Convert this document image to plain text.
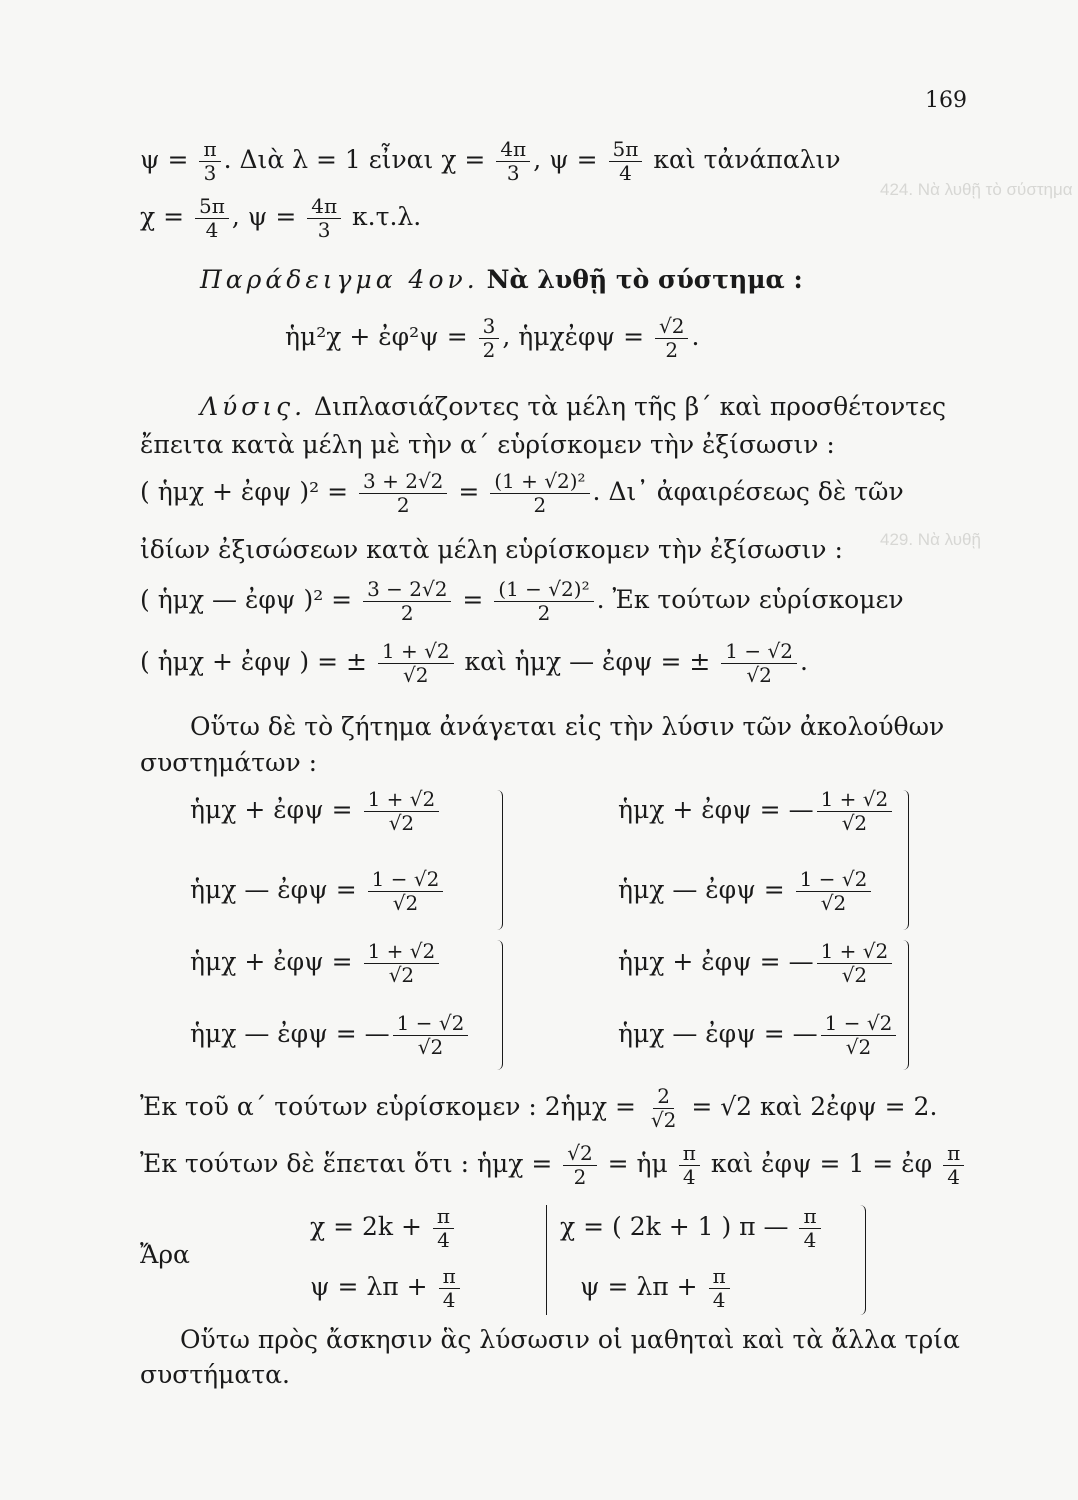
424. Νὰ λυθῇ τὸ σύστημα
429. Νὰ λυθῇ
169
$\psi = \frac{\pi}{3}$ . Διὰ λ = 1 εἶναι $\chi = \frac{4\pi}{3}$ , $\psi = \frac{5\pi}{4}$ καὶ τἀνάπαλιν
$\chi = \frac{5\pi}{4}$ , $\psi = \frac{4\pi}{3} \kappa.\tau.\lambda$.
Παράδειγμα 4ον. Νὰ λυθῇ τὸ σύστημα :
ἡμ²χ + ἐφ²ψ = $\frac{3}{2}$ , ἡμχἐφψ = $\frac{√2}{2}$ .
Λύσις. Διπλασιάζοντες τὰ μέλη τῆς β΄ καὶ προσθέτοντες
ἔπειτα κατὰ μέλη μὲ τὴν α΄ εὑρίσκομεν τὴν ἐξίσωσιν :
( ἡμχ + ἐφψ )$^2 = \frac{3 + 2√2}{2} = \frac{\text{(1 + √2)²}}{2}$ . Δι᾽ ἀφαιρέσεως δὲ τῶν
ἰδίων ἐξισώσεων κατὰ μέλη εὑρίσκομεν τὴν ἐξίσωσιν :
( ἡμχ — ἐφψ )$^2 = \frac{3 - 2√2}{2} = \frac{\text{(1 − √2)²}}{2}$ . Ἐκ τούτων εὑρίσκομεν
( ἡμχ + ἐφψ ) = ± $\frac{1 + √2}{√2}$ καὶ ἡμχ — ἐφψ = ± $\frac{1 - √2}{√2}$ .
Οὕτω δὲ τὸ ζήτημα ἀνάγεται εἰς τὴν λύσιν τῶν ἀκολούθων
συστημάτων :
ἡμχ + ἐφψ = $\frac{1 + √2}{√2}$
ἡμχ — ἐφψ = $\frac{1 - √2}{√2}$
ἡμχ + ἐφψ = $\frac{1 + √2}{√2}$
ἡμχ — ἐφψ = — $\frac{1 - √2}{√2}$
ἡμχ + ἐφψ = — $\frac{1 + √2}{√2}$
ἡμχ — ἐφψ = $\frac{1 - √2}{√2}$
ἡμχ + ἐφψ = — $\frac{1 + √2}{√2}$
ἡμχ — ἐφψ = — $\frac{1 - √2}{√2}$
Ἐκ τοῦ α΄ τούτων εὑρίσκομεν : 2ἡμχ = $\frac{2}{√2} = √2$ καὶ 2ἐφψ = 2.
Ἐκ τούτων δὲ ἕπεται ὅτι : ἡμχ = $\frac{√2}{2}$ = ἡμ $\frac{\pi}{4}$ καὶ ἐφψ = 1 = ἐφ $\frac{\pi}{4}$
Ἄρα
$\chi = 2k + \frac{\pi}{4}$
$\psi = \lambda\pi + \frac{\pi}{4}$
χ = ( 2k + 1 ) π — $\frac{\pi}{4}$
$\psi = \lambda\pi + \frac{\pi}{4}$
Οὕτω πρὸς ἄσκησιν ἃς λύσωσιν οἱ μαθηταὶ καὶ τὰ ἄλλα τρία
συστήματα.
